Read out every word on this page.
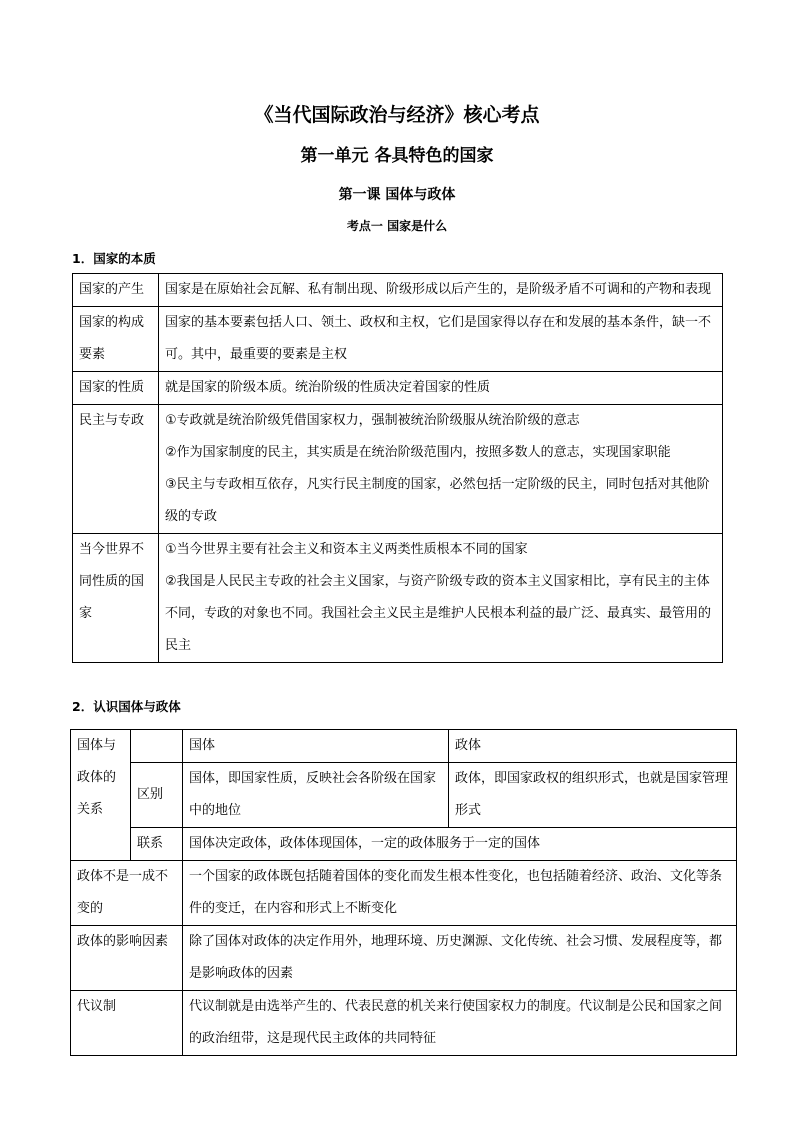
《当代国际政治与经济》核心考点
第一单元 各具特色的国家
第一课 国体与政体
考点一 国家是什么
1．国家的本质
国家的产生	国家是在原始社会瓦解、私有制出现、阶级形成以后产生的，是阶级矛盾不可调和的产物和表现

国家的构成要素	国家的基本要素包括人口、领土、政权和主权，它们是国家得以存在和发展的基本条件，缺一不可。其中，最重要的要素是主权

国家的性质	就是国家的阶级本质。统治阶级的性质决定着国家的性质

民主与专政	①专政就是统治阶级凭借国家权力，强制被统治阶级服从统治阶级的意志
②作为国家制度的民主，其实质是在统治阶级范围内，按照多数人的意志，实现国家职能
③民主与专政相互依存，凡实行民主制度的国家，必然包括一定阶级的民主，同时包括对其他阶级的专政

当今世界不同性质的国家	①当今世界主要有社会主义和资本主义两类性质根本不同的国家
②我国是人民民主专政的社会主义国家，与资产阶级专政的资本主义国家相比，享有民主的主体不同，专政的对象也不同。我国社会主义民主是维护人民根本利益的最广泛、最真实、最管用的民主
2．认识国体与政体
国体与政体的关系		国体	政体
	区别	国体，即国家性质，反映社会各阶级在国家中的地位	政体，即国家政权的组织形式，也就是国家管理形式
	联系	国体决定政体，政体体现国体，一定的政体服务于一定的国体	
政体不是一成不变的		一个国家的政体既包括随着国体的变化而发生根本性变化，也包括随着经济、政治、文化等条件的变迁，在内容和形式上不断变化	
政体的影响因素		除了国体对政体的决定作用外，地理环境、历史渊源、文化传统、社会习惯、发展程度等，都是影响政体的因素	
代议制		代议制就是由选举产生的、代表民意的机关来行使国家权力的制度。代议制是公民和国家之间的政治纽带，这是现代民主政体的共同特征	
